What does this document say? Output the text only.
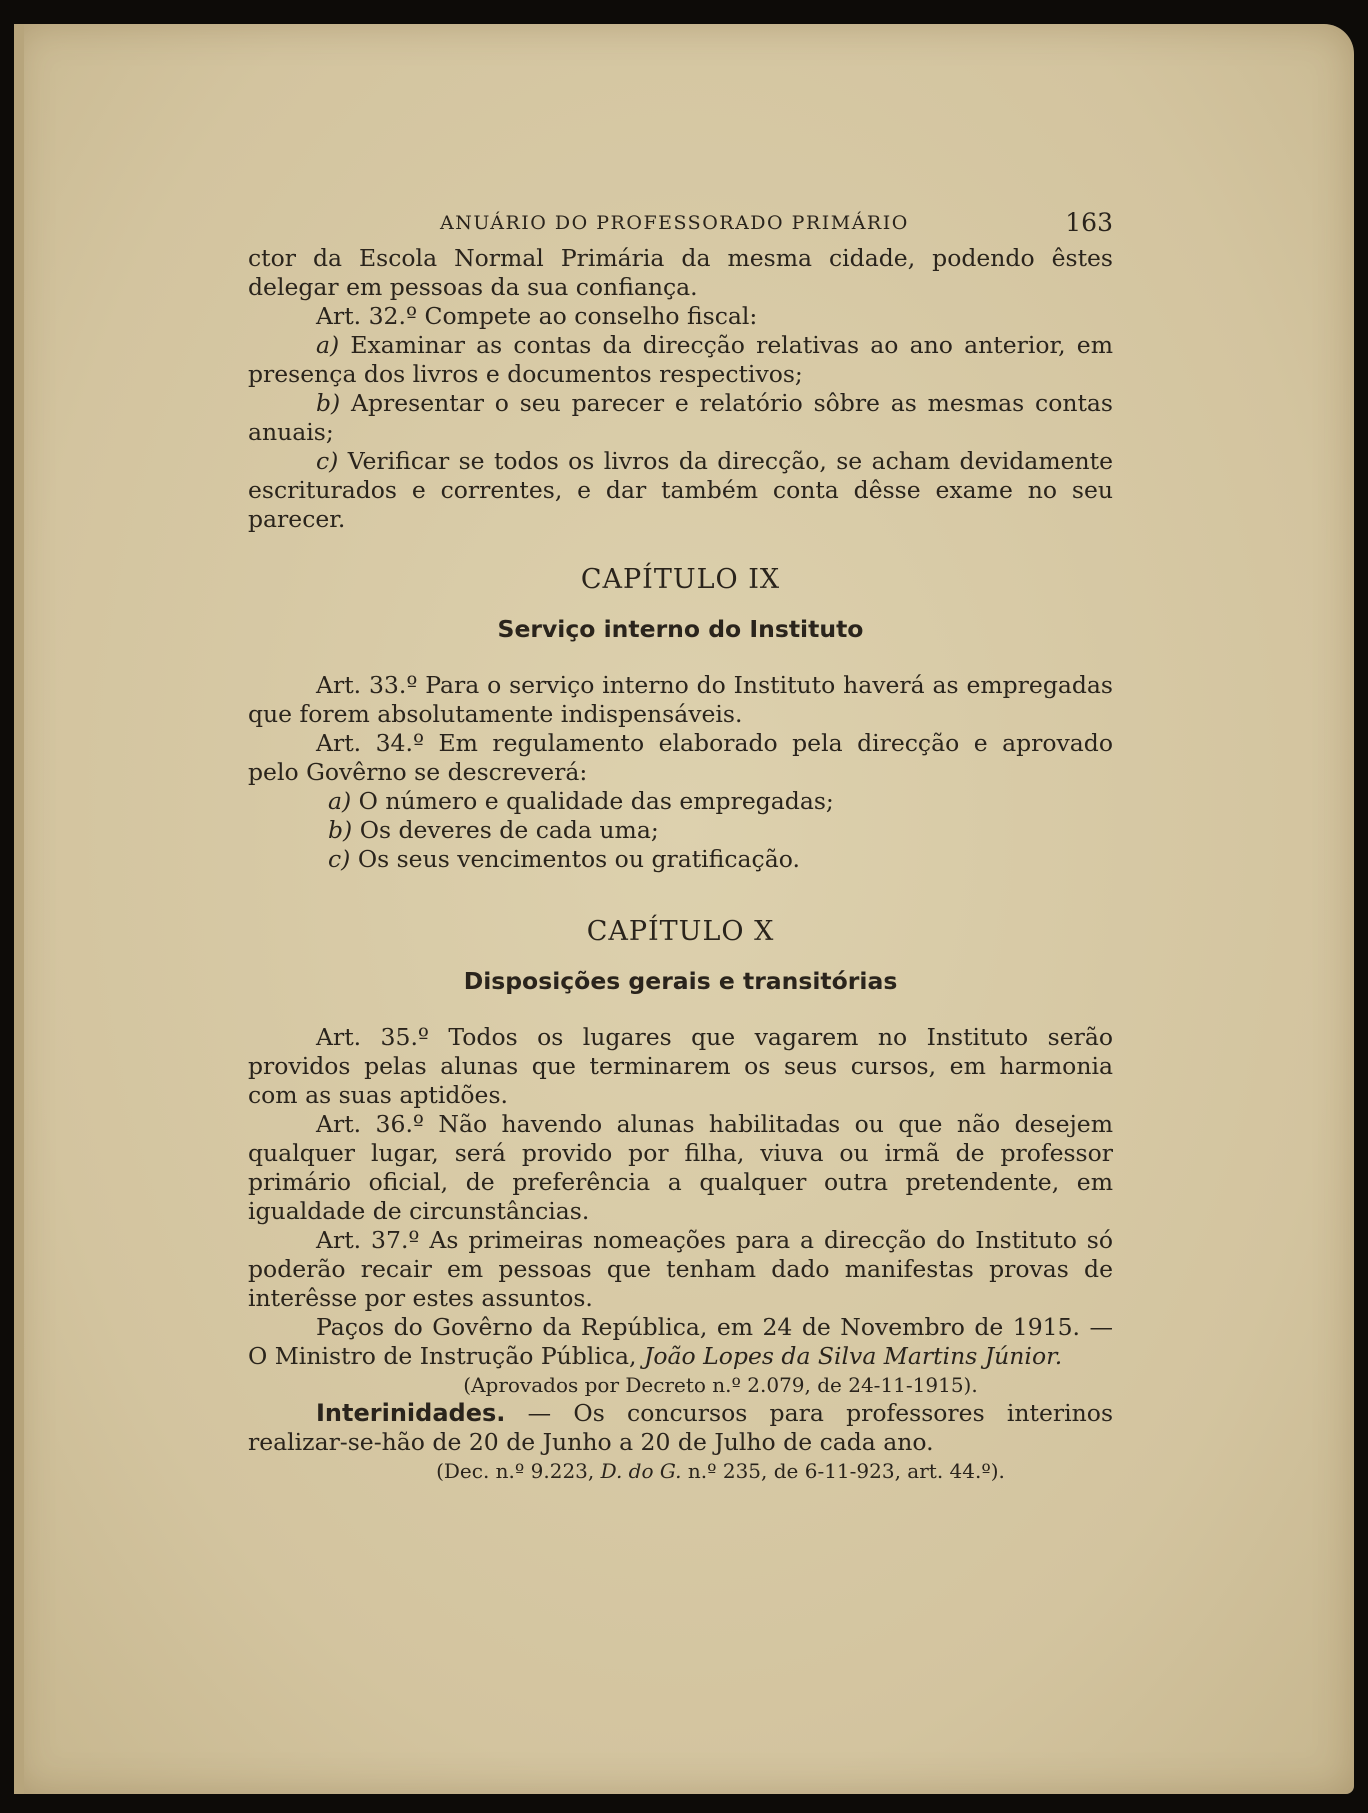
ANUÁRIO DO PROFESSORADO PRIMÁRIO	163

ctor da Escola Normal Primária da mesma cidade, podendo êstes delegar em pessoas da sua confiança.

Art. 32.º Compete ao conselho fiscal:

a) Examinar as contas da direcção relativas ao ano anterior, em presença dos livros e documentos respectivos;

b) Apresentar o seu parecer e relatório sôbre as mesmas contas anuais;

c) Verificar se todos os livros da direcção, se acham devidamente escriturados e correntes, e dar também conta dêsse exame no seu parecer.

CAPÍTULO IX
Serviço interno do Instituto

Art. 33.º Para o serviço interno do Instituto haverá as empregadas que forem absolutamente indispensáveis.

Art. 34.º Em regulamento elaborado pela direcção e aprovado pelo Govêrno se descreverá:

a) O número e qualidade das empregadas;
b) Os deveres de cada uma;
c) Os seus vencimentos ou gratificação.
CAPÍTULO X
Disposições gerais e transitórias

Art. 35.º Todos os lugares que vagarem no Instituto serão providos pelas alunas que terminarem os seus cursos, em harmonia com as suas aptidões.

Art. 36.º Não havendo alunas habilitadas ou que não desejem qualquer lugar, será provido por filha, viuva ou irmã de professor primário oficial, de preferência a qualquer outra pretendente, em igualdade de circunstâncias.

Art. 37.º As primeiras nomeações para a direcção do Instituto só poderão recair em pessoas que tenham dado manifestas provas de interêsse por estes assuntos.

Paços do Govêrno da República, em 24 de Novembro de 1915. — O Ministro de Instrução Pública, João Lopes da Silva Martins Júnior.

(Aprovados por Decreto n.º 2.079, de 24-11-1915).

Interinidades. — Os concursos para professores interinos realizar-se-hão de 20 de Junho a 20 de Julho de cada ano.

(Dec. n.º 9.223, D. do G. n.º 235, de 6-11-923, art. 44.º).
